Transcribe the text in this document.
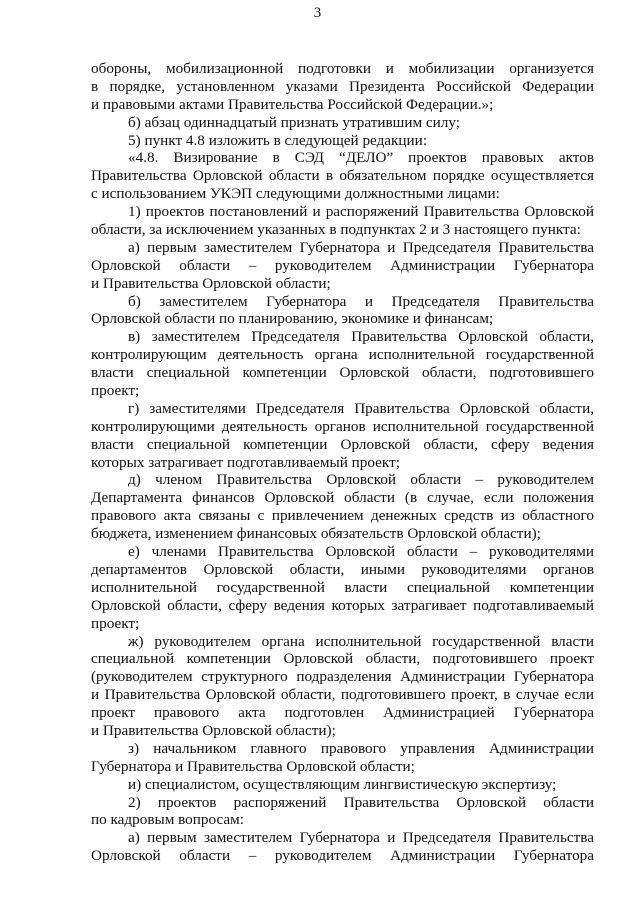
3
обороны, мобилизационной подготовки и мобилизации организуется
в порядке, установленном указами Президента Российской Федерации
и правовыми актами Правительства Российской Федерации.»;
б) абзац одиннадцатый признать утратившим силу;
5) пункт 4.8 изложить в следующей редакции:
«4.8. Визирование в СЭД “ДЕЛО” проектов правовых актов
Правительства Орловской области в обязательном порядке осуществляется
с использованием УКЭП следующими должностными лицами:
1) проектов постановлений и распоряжений Правительства Орловской
области, за исключением указанных в подпунктах 2 и 3 настоящего пункта:
а) первым заместителем Губернатора и Председателя Правительства
Орловской области – руководителем Администрации Губернатора
и Правительства Орловской области;
б) заместителем Губернатора и Председателя Правительства
Орловской области по планированию, экономике и финансам;
в) заместителем Председателя Правительства Орловской области,
контролирующим деятельность органа исполнительной государственной
власти специальной компетенции Орловской области, подготовившего
проект;
г) заместителями Председателя Правительства Орловской области,
контролирующими деятельность органов исполнительной государственной
власти специальной компетенции Орловской области, сферу ведения
которых затрагивает подготавливаемый проект;
д) членом Правительства Орловской области – руководителем
Департамента финансов Орловской области (в случае, если положения
правового акта связаны с привлечением денежных средств из областного
бюджета, изменением финансовых обязательств Орловской области);
е) членами Правительства Орловской области – руководителями
департаментов Орловской области, иными руководителями органов
исполнительной государственной власти специальной компетенции
Орловской области, сферу ведения которых затрагивает подготавливаемый
проект;
ж) руководителем органа исполнительной государственной власти
специальной компетенции Орловской области, подготовившего проект
(руководителем структурного подразделения Администрации Губернатора
и Правительства Орловской области, подготовившего проект, в случае если
проект правового акта подготовлен Администрацией Губернатора
и Правительства Орловской области);
з) начальником главного правового управления Администрации
Губернатора и Правительства Орловской области;
и) специалистом, осуществляющим лингвистическую экспертизу;
2) проектов распоряжений Правительства Орловской области
по кадровым вопросам:
а) первым заместителем Губернатора и Председателя Правительства
Орловской области – руководителем Администрации Губернатора
